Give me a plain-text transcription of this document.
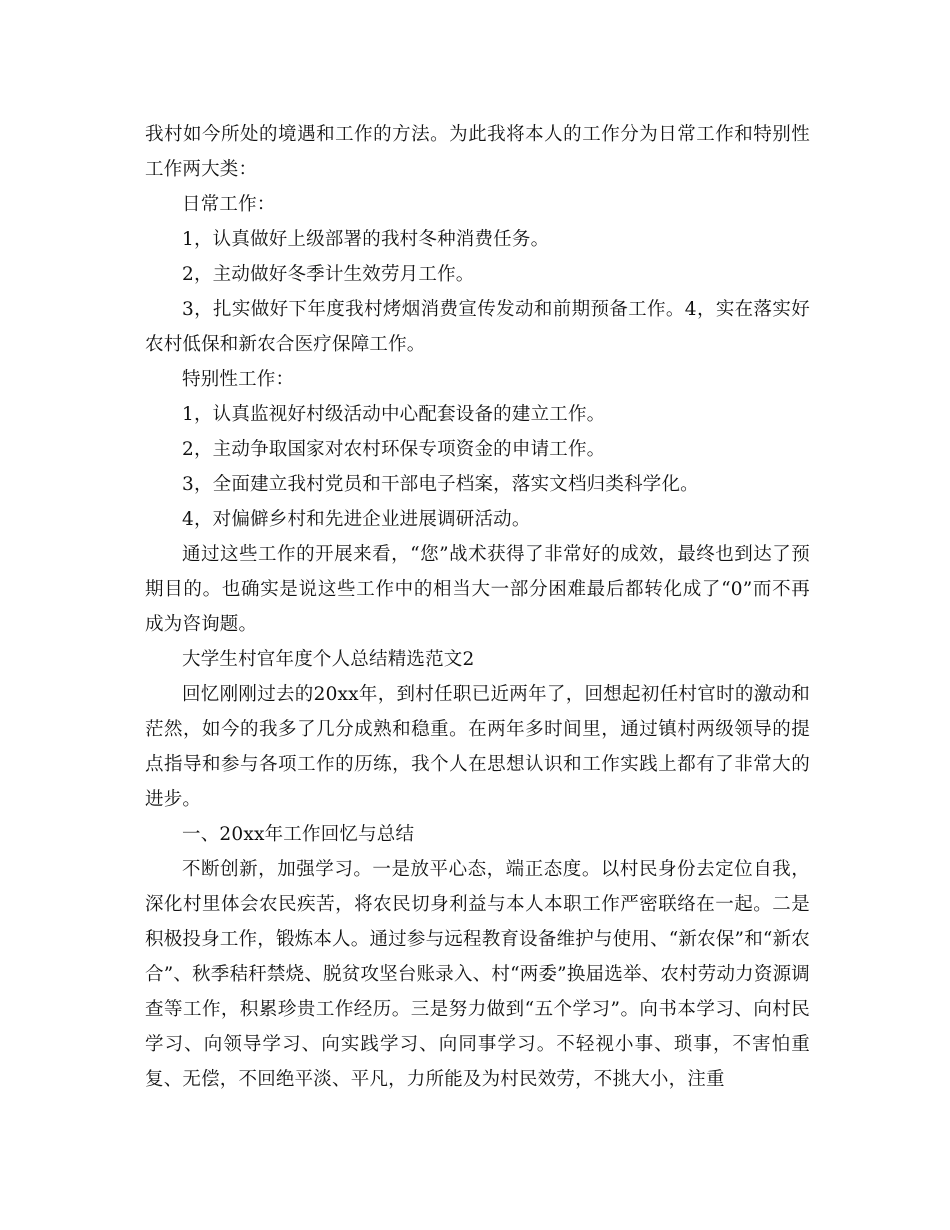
我村如今所处的境遇和工作的方法。为此我将本人的工作分为日常工作和特别性工作两大类：

日常工作：

1，认真做好上级部署的我村冬种消费任务。

2，主动做好冬季计生效劳月工作。

3，扎实做好下年度我村烤烟消费宣传发动和前期预备工作。4，实在落实好农村低保和新农合医疗保障工作。

特别性工作：

1，认真监视好村级活动中心配套设备的建立工作。

2，主动争取国家对农村环保专项资金的申请工作。

3，全面建立我村党员和干部电子档案，落实文档归类科学化。

4，对偏僻乡村和先进企业进展调研活动。

通过这些工作的开展来看，“您”战术获得了非常好的成效，最终也到达了预期目的。也确实是说这些工作中的相当大一部分困难最后都转化成了“0”而不再成为咨询题。

大学生村官年度个人总结精选范文2

回忆刚刚过去的20xx年，到村任职已近两年了，回想起初任村官时的激动和茫然，如今的我多了几分成熟和稳重。在两年多时间里，通过镇村两级领导的提点指导和参与各项工作的历练，我个人在思想认识和工作实践上都有了非常大的进步。

一、20xx年工作回忆与总结

不断创新，加强学习。一是放平心态，端正态度。以村民身份去定位自我，深化村里体会农民疾苦，将农民切身利益与本人本职工作严密联络在一起。二是积极投身工作，锻炼本人。通过参与远程教育设备维护与使用、“新农保”和“新农合”、秋季秸秆禁烧、脱贫攻坚台账录入、村“两委”换届选举、农村劳动力资源调查等工作，积累珍贵工作经历。三是努力做到“五个学习”。向书本学习、向村民学习、向领导学习、向实践学习、向同事学习。不轻视小事、琐事，不害怕重复、无偿，不回绝平淡、平凡，力所能及为村民效劳，不挑大小，注重
